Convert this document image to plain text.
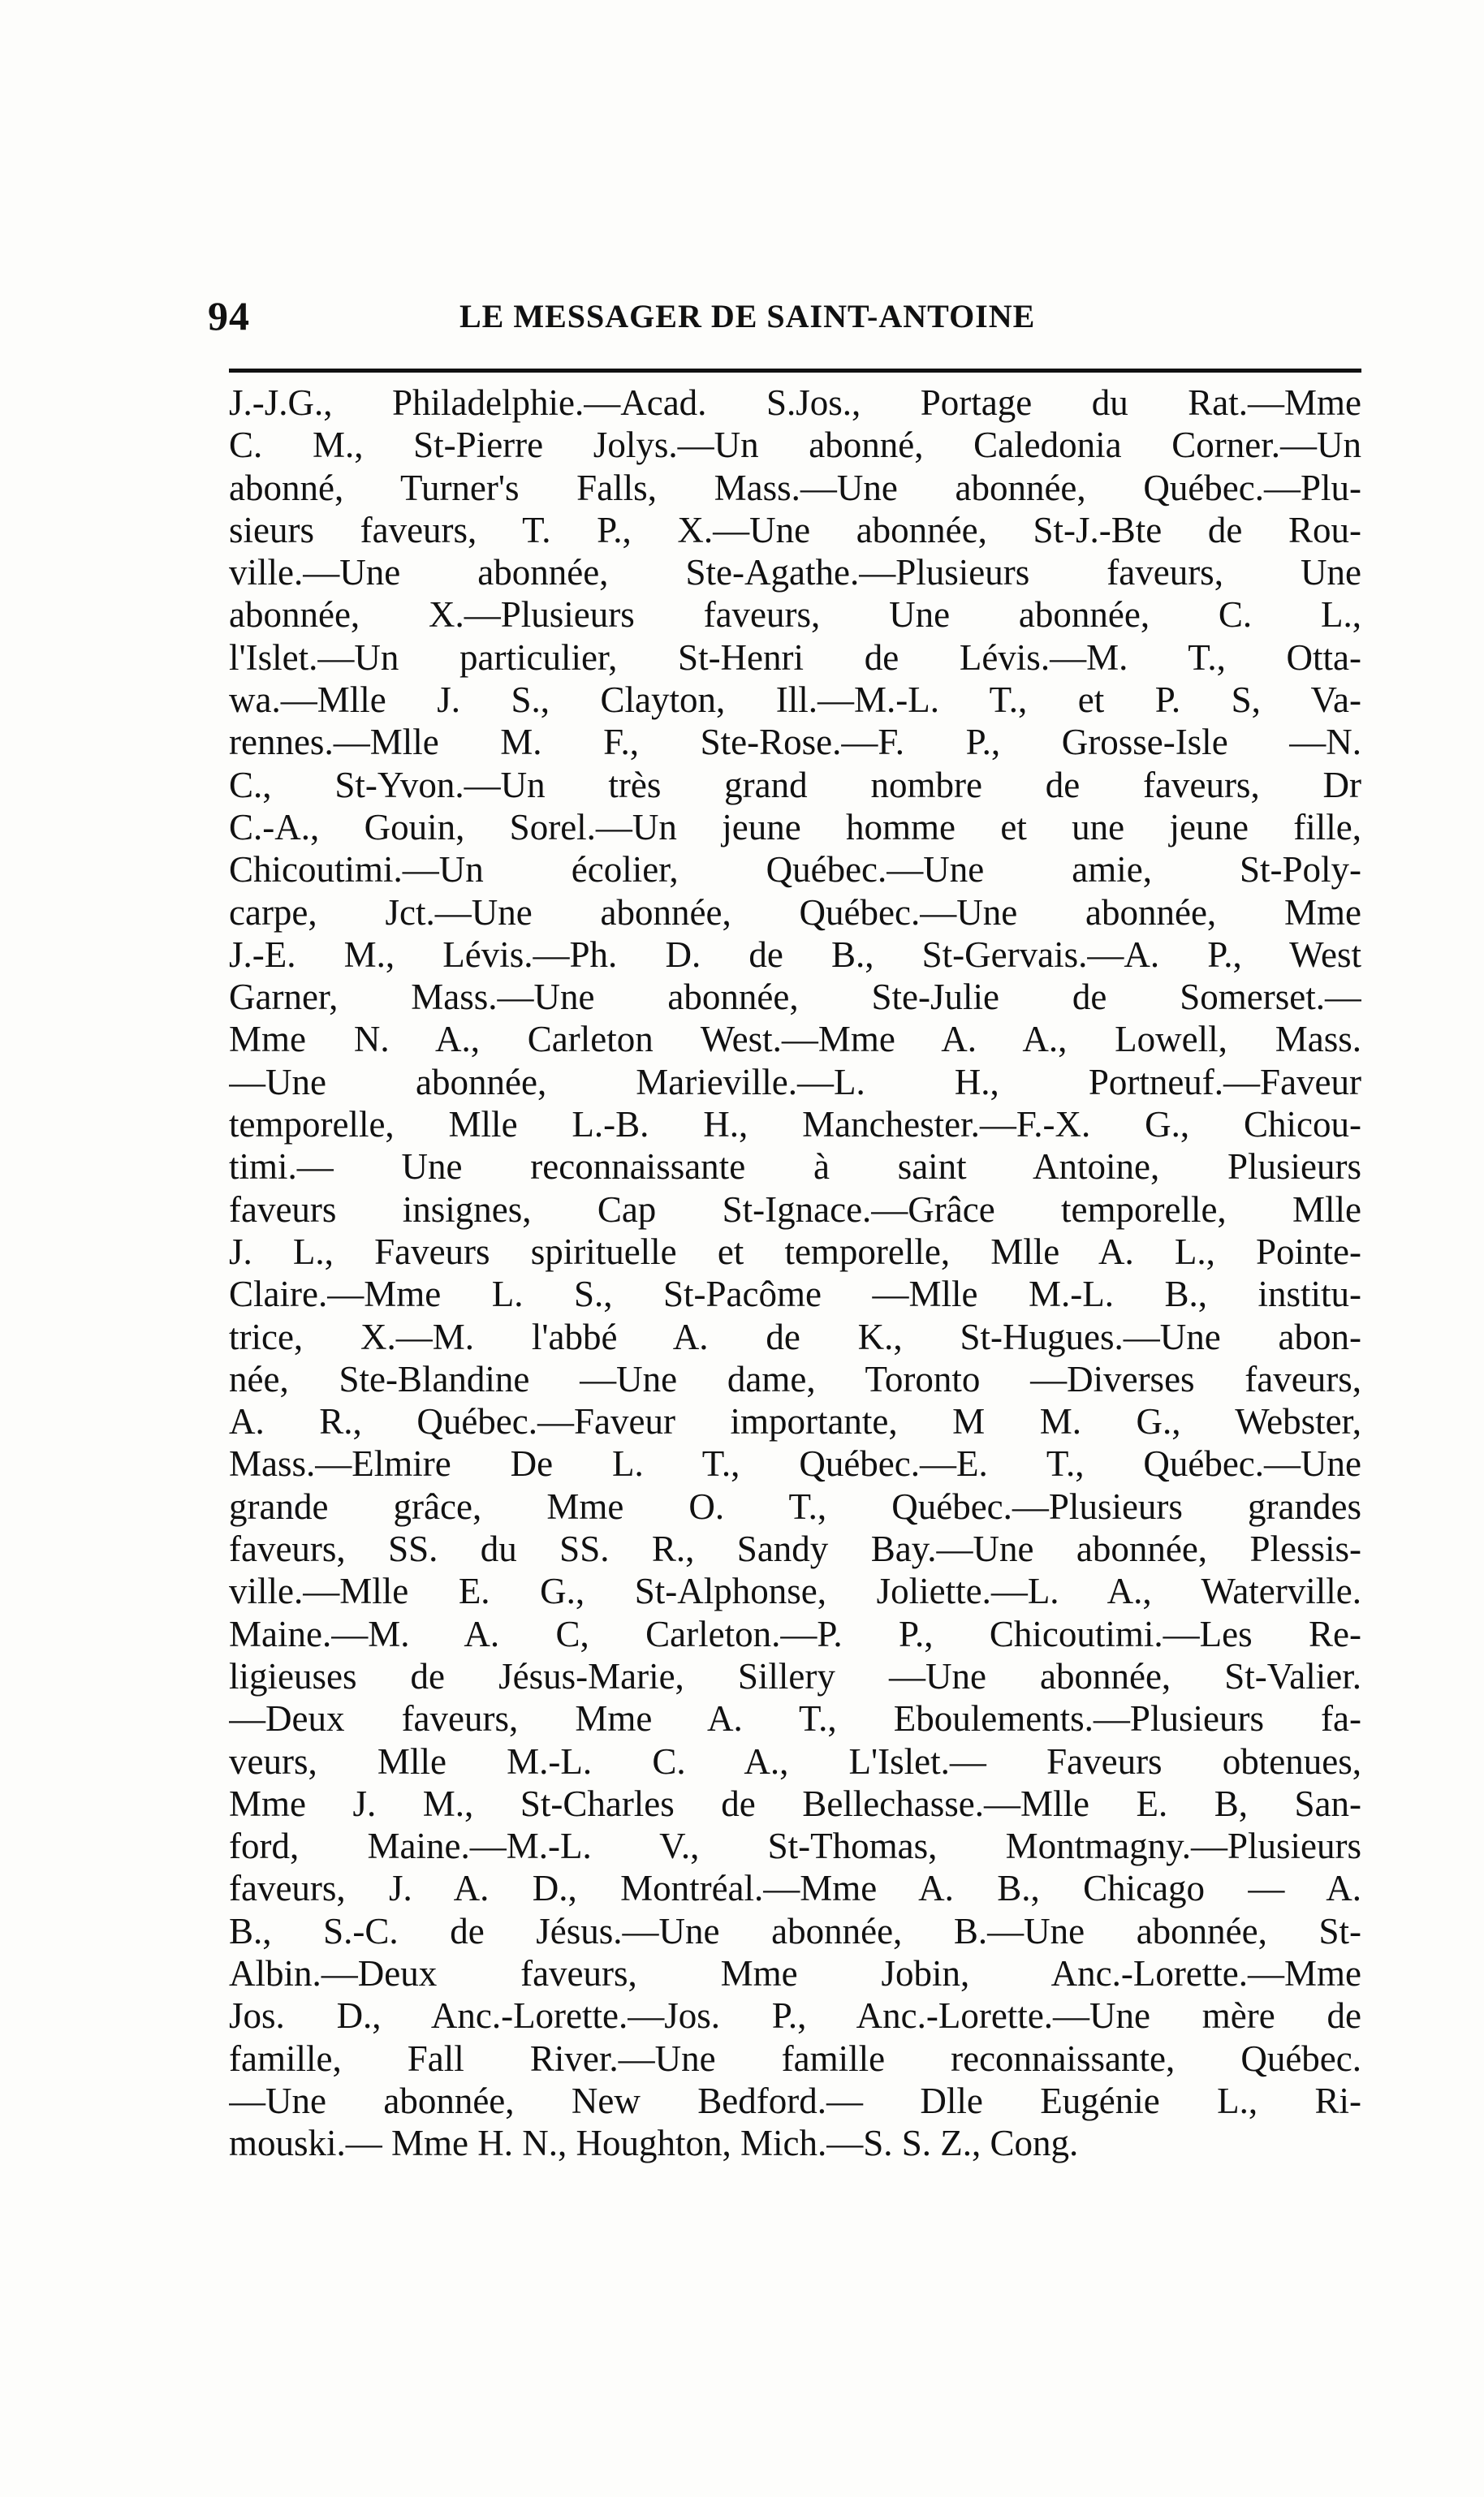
94	LE MESSAGER DE SAINT-ANTOINE
J.-J.G., Philadelphie.—Acad. S.Jos., Portage du Rat.—Mme
C. M., St-Pierre Jolys.—Un abonné, Caledonia Corner.—Un
abonné, Turner's Falls, Mass.—Une abonnée, Québec.—Plu-
sieurs faveurs, T. P., X.—Une abonnée, St-J.-Bte de Rou-
ville.—Une abonnée, Ste-Agathe.—Plusieurs faveurs, Une
abonnée, X.—Plusieurs faveurs, Une abonnée, C. L.,
l'Islet.—Un particulier, St-Henri de Lévis.—M. T., Otta-
wa.—Mlle J. S., Clayton, Ill.—M.-L. T., et P. S, Va-
rennes.—Mlle M. F., Ste-Rose.—F. P., Grosse-Isle —N.
C., St-Yvon.—Un très grand nombre de faveurs, Dr
C.-A., Gouin, Sorel.—Un jeune homme et une jeune fille,
Chicoutimi.—Un écolier, Québec.—Une amie, St-Poly-
carpe, Jct.—Une abonnée, Québec.—Une abonnée, Mme
J.-E. M., Lévis.—Ph. D. de B., St-Gervais.—A. P., West
Garner, Mass.—Une abonnée, Ste-Julie de Somerset.—
Mme N. A., Carleton West.—Mme A. A., Lowell, Mass.
—Une abonnée, Marieville.—L. H., Portneuf.—Faveur
temporelle, Mlle L.-B. H., Manchester.—F.-X. G., Chicou-
timi.— Une reconnaissante à saint Antoine, Plusieurs
faveurs insignes, Cap St-Ignace.—Grâce temporelle, Mlle
J. L., Faveurs spirituelle et temporelle, Mlle A. L., Pointe-
Claire.—Mme L. S., St-Pacôme —Mlle M.-L. B., institu-
trice, X.—M. l'abbé A. de K., St-Hugues.—Une abon-
née, Ste-Blandine —Une dame, Toronto —Diverses faveurs,
A. R., Québec.—Faveur importante, M M. G., Webster,
Mass.—Elmire De L. T., Québec.—E. T., Québec.—Une
grande grâce, Mme O. T., Québec.—Plusieurs grandes
faveurs, SS. du SS. R., Sandy Bay.—Une abonnée, Plessis-
ville.—Mlle E. G., St-Alphonse, Joliette.—L. A., Waterville.
Maine.—M. A. C, Carleton.—P. P., Chicoutimi.—Les Re-
ligieuses de Jésus-Marie, Sillery —Une abonnée, St-Valier.
—Deux faveurs, Mme A. T., Eboulements.—Plusieurs fa-
veurs, Mlle M.-L. C. A., L'Islet.— Faveurs obtenues,
Mme J. M., St-Charles de Bellechasse.—Mlle E. B, San-
ford, Maine.—M.-L. V., St-Thomas, Montmagny.—Plusieurs
faveurs, J. A. D., Montréal.—Mme A. B., Chicago — A.
B., S.-C. de Jésus.—Une abonnée, B.—Une abonnée, St-
Albin.—Deux faveurs, Mme Jobin, Anc.-Lorette.—Mme
Jos. D., Anc.-Lorette.—Jos. P., Anc.-Lorette.—Une mère de
famille, Fall River.—Une famille reconnaissante, Québec.
—Une abonnée, New Bedford.— Dlle Eugénie L., Ri-
mouski.— Mme H. N., Houghton, Mich.—S. S. Z., Cong.
